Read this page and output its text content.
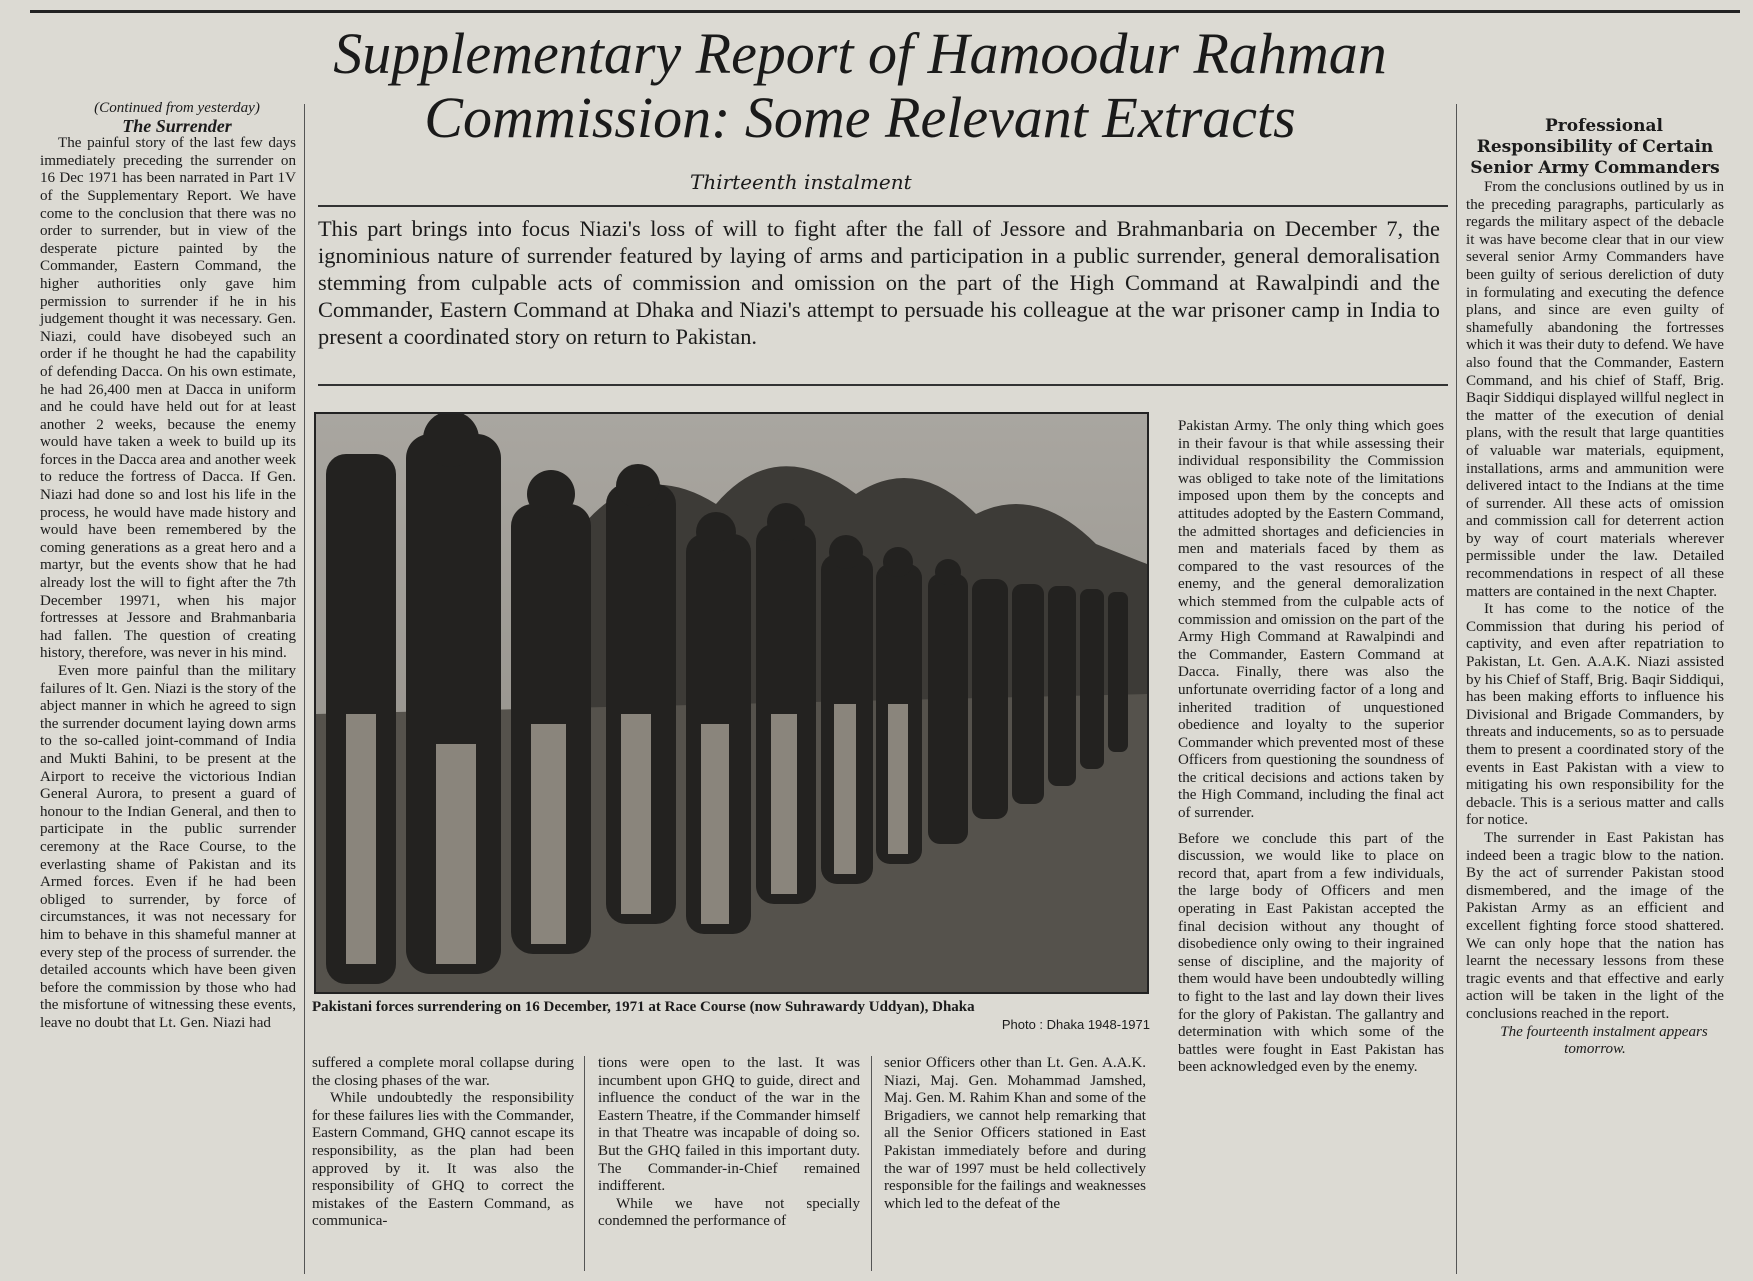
Supplementary Report of Hamoodur Rahman
Commission: Some Relevant Extracts

Thirteenth instalment

This part brings into focus Niazi's loss of will to fight after the fall of Jessore and Brahmanbaria on December 7, the ignominious nature of surrender featured by laying of arms and participation in a public surrender, general demoralisation stemming from culpable acts of commission and omission on the part of the High Command at Rawalpindi and the Commander, Eastern Command at Dhaka and Niazi's attempt to persuade his colleague at the war prisoner camp in India to present a coordinated story on return to Pakistan.

(Continued from yesterday)

The Surrender

The painful story of the last few days immediately preceding the surrender on 16 Dec 1971 has been narrated in Part 1V of the Supplementary Report. We have come to the conclusion that there was no order to surrender, but in view of the desperate picture painted by the Commander, Eastern Command, the higher authorities only gave him permission to surrender if he in his judgement thought it was necessary. Gen. Niazi, could have disobeyed such an order if he thought he had the capability of defending Dacca. On his own estimate, he had 26,400 men at Dacca in uniform and he could have held out for at least another 2 weeks, because the enemy would have taken a week to build up its forces in the Dacca area and another week to reduce the fortress of Dacca. If Gen. Niazi had done so and lost his life in the process, he would have made history and would have been remembered by the coming generations as a great hero and a martyr, but the events show that he had already lost the will to fight after the 7th December 19971, when his major fortresses at Jessore and Brahmanbaria had fallen. The question of creating history, therefore, was never in his mind.

Even more painful than the military failures of lt. Gen. Niazi is the story of the abject manner in which he agreed to sign the surrender document laying down arms to the so-called joint-command of India and Mukti Bahini, to be present at the Airport to receive the victorious Indian General Aurora, to present a guard of honour to the Indian General, and then to participate in the public surrender ceremony at the Race Course, to the everlasting shame of Pakistan and its Armed forces. Even if he had been obliged to surrender, by force of circumstances, it was not necessary for him to behave in this shameful manner at every step of the process of surrender. the detailed accounts which have been given before the commission by those who had the misfortune of witnessing these events, leave no doubt that Lt. Gen. Niazi had

Pakistani forces surrendering on 16 December, 1971 at Race Course (now Suhrawardy Uddyan), Dhaka

Photo : Dhaka 1948-1971

suffered a complete moral collapse during the closing phases of the war.

While undoubtedly the responsibility for these failures lies with the Commander, Eastern Command, GHQ cannot escape its responsibility, as the plan had been approved by it. It was also the responsibility of GHQ to correct the mistakes of the Eastern Command, as communica-

tions were open to the last. It was incumbent upon GHQ to guide, direct and influence the conduct of the war in the Eastern Theatre, if the Commander himself in that Theatre was incapable of doing so. But the GHQ failed in this important duty. The Commander-in-Chief remained indifferent.

While we have not specially condemned the performance of

senior Officers other than Lt. Gen. A.A.K. Niazi, Maj. Gen. Mohammad Jamshed, Maj. Gen. M. Rahim Khan and some of the Brigadiers, we cannot help remarking that all the Senior Officers stationed in East Pakistan immediately before and during the war of 1997 must be held collectively responsible for the failings and weaknesses which led to the defeat of the

Pakistan Army. The only thing which goes in their favour is that while assessing their individual responsibility the Commission was obliged to take note of the limitations imposed upon them by the concepts and attitudes adopted by the Eastern Command, the admitted shortages and deficiencies in men and materials faced by them as compared to the vast resources of the enemy, and the general demoralization which stemmed from the culpable acts of commission and omission on the part of the Army High Command at Rawalpindi and the Commander, Eastern Command at Dacca. Finally, there was also the unfortunate overriding factor of a long and inherited tradition of unquestioned obedience and loyalty to the superior Commander which prevented most of these Officers from questioning the soundness of the critical decisions and actions taken by the High Command, including the final act of surrender.

Before we conclude this part of the discussion, we would like to place on record that, apart from a few individuals, the large body of Officers and men operating in East Pakistan accepted the final decision without any thought of disobedience only owing to their ingrained sense of discipline, and the majority of them would have been undoubtedly willing to fight to the last and lay down their lives for the glory of Pakistan. The gallantry and determination with which some of the battles were fought in East Pakistan has been acknowledged even by the enemy.

Professional Responsibility of Certain Senior Army Commanders

From the conclusions outlined by us in the preceding paragraphs, particularly as regards the military aspect of the debacle it was have become clear that in our view several senior Army Commanders have been guilty of serious dereliction of duty in formulating and executing the defence plans, and since are even guilty of shamefully abandoning the fortresses which it was their duty to defend. We have also found that the Commander, Eastern Command, and his chief of Staff, Brig. Baqir Siddiqui displayed willful neglect in the matter of the execution of denial plans, with the result that large quantities of valuable war materials, equipment, installations, arms and ammunition were delivered intact to the Indians at the time of surrender. All these acts of omission and commission call for deterrent action by way of court materials wherever permissible under the law. Detailed recommendations in respect of all these matters are contained in the next Chapter.

It has come to the notice of the Commission that during his period of captivity, and even after repatriation to Pakistan, Lt. Gen. A.A.K. Niazi assisted by his Chief of Staff, Brig. Baqir Siddiqui, has been making efforts to influence his Divisional and Brigade Commanders, by threats and inducements, so as to persuade them to present a coordinated story of the events in East Pakistan with a view to mitigating his own responsibility for the debacle. This is a serious matter and calls for notice.

The surrender in East Pakistan has indeed been a tragic blow to the nation. By the act of surrender Pakistan stood dismembered, and the image of the Pakistan Army as an efficient and excellent fighting force stood shattered. We can only hope that the nation has learnt the necessary lessons from these tragic events and that effective and early action will be taken in the light of the conclusions reached in the report.

The fourteenth instalment appears tomorrow.
